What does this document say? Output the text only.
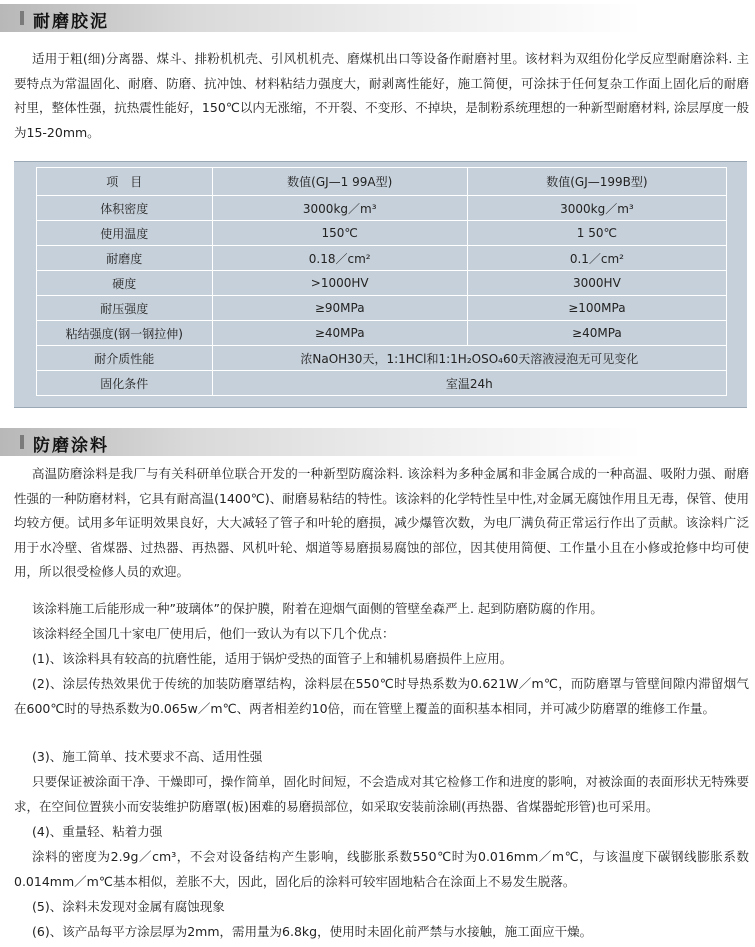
耐磨胶泥

适用于粗(细)分离器、煤斗、排粉机机壳、引风机机壳、磨煤机出口等设备作耐磨衬里。该材料为双组份化学反应型耐磨涂料. 主要特点为常温固化、耐磨、防磨、抗冲蚀、材料粘结力强度大，耐剥离性能好，施工简便，可涂抹于任何复杂工作面上固化后的耐磨衬里，整体性强，抗热震性能好，150℃以内无涨缩，不开裂、不变形、不掉块，是制粉系统理想的一种新型耐磨材料, 涂层厚度一般为15-20mm。

项　目	数值(GJ—1 99A型)	数值(GJ—199B型)
体积密度	3000kg／m³	3000kg／m³
使用温度	150℃	1 50℃
耐磨度	0.18／cm²	0.1／cm²
硬度	>1000HV	3000HV
耐压强度	≥90MPa	≥100MPa
粘结强度(钢一钢拉伸)	≥40MPa	≥40MPa
耐介质性能	浓NaOH30天，1:1HCl和1:1H₂OSO₄60天溶液浸泡无可见变化	
固化条件	室温24h	
防磨涂料

高温防磨涂料是我厂与有关科研单位联合开发的一种新型防腐涂料. 该涂料为多种金属和非金属合成的一种高温、吸附力强、耐磨性强的一种防磨材料，它具有耐高温(1400℃)、耐磨易粘结的特性。该涂料的化学特性呈中性,对金属无腐蚀作用且无毒，保管、使用均较方便。试用多年证明效果良好，大大减轻了管子和叶轮的磨损，减少爆管次数，为电厂满负荷正常运行作出了贡献。该涂料广泛用于水冷壁、省煤器、过热器、再热器、风机叶轮、烟道等易磨损易腐蚀的部位，因其使用简便、工作量小且在小修或抢修中均可使用，所以很受检修人员的欢迎。

该涂料施工后能形成一种”玻璃体”的保护膜，附着在迎烟气面侧的管壁垒森严上. 起到防磨防腐的作用。

该涂料经全国几十家电厂使用后，他们一致认为有以下几个优点：

(1)、该涂料具有较高的抗磨性能，适用于锅炉受热的面管子上和辅机易磨损件上应用。

(2)、涂层传热效果优于传统的加装防磨罩结构，涂料层在550℃时导热系数为0.621W／m℃，而防磨罩与管壁间隙内滞留烟气在600℃时的导热系数为0.065w／m℃、两者相差约10倍，而在管壁上覆盖的面积基本相同，并可减少防磨罩的维修工作量。

(3)、施工简单、技术要求不高、适用性强

只要保证被涂面干净、干燥即可，操作简单，固化时间短，不会造成对其它检修工作和进度的影响，对被涂面的表面形状无特殊要求，在空间位置狭小而安装维护防磨罩(板)困难的易磨损部位，如采取安装前涂刷(再热器、省煤器蛇形管)也可采用。

(4)、重量轻、粘着力强

涂料的密度为2.9g／cm³，不会对设备结构产生影响，线膨胀系数550℃时为0.016mm／m℃，与该温度下碳钢线膨胀系数0.014mm／m℃基本相似，差胀不大，因此，固化后的涂料可较牢固地粘合在涂面上不易发生脱落。

(5)、涂料未发现对金属有腐蚀现象

(6)、该产品每平方涂层厚为2mm，需用量为6.8kg，使用时未固化前严禁与水接触，施工面应干燥。
